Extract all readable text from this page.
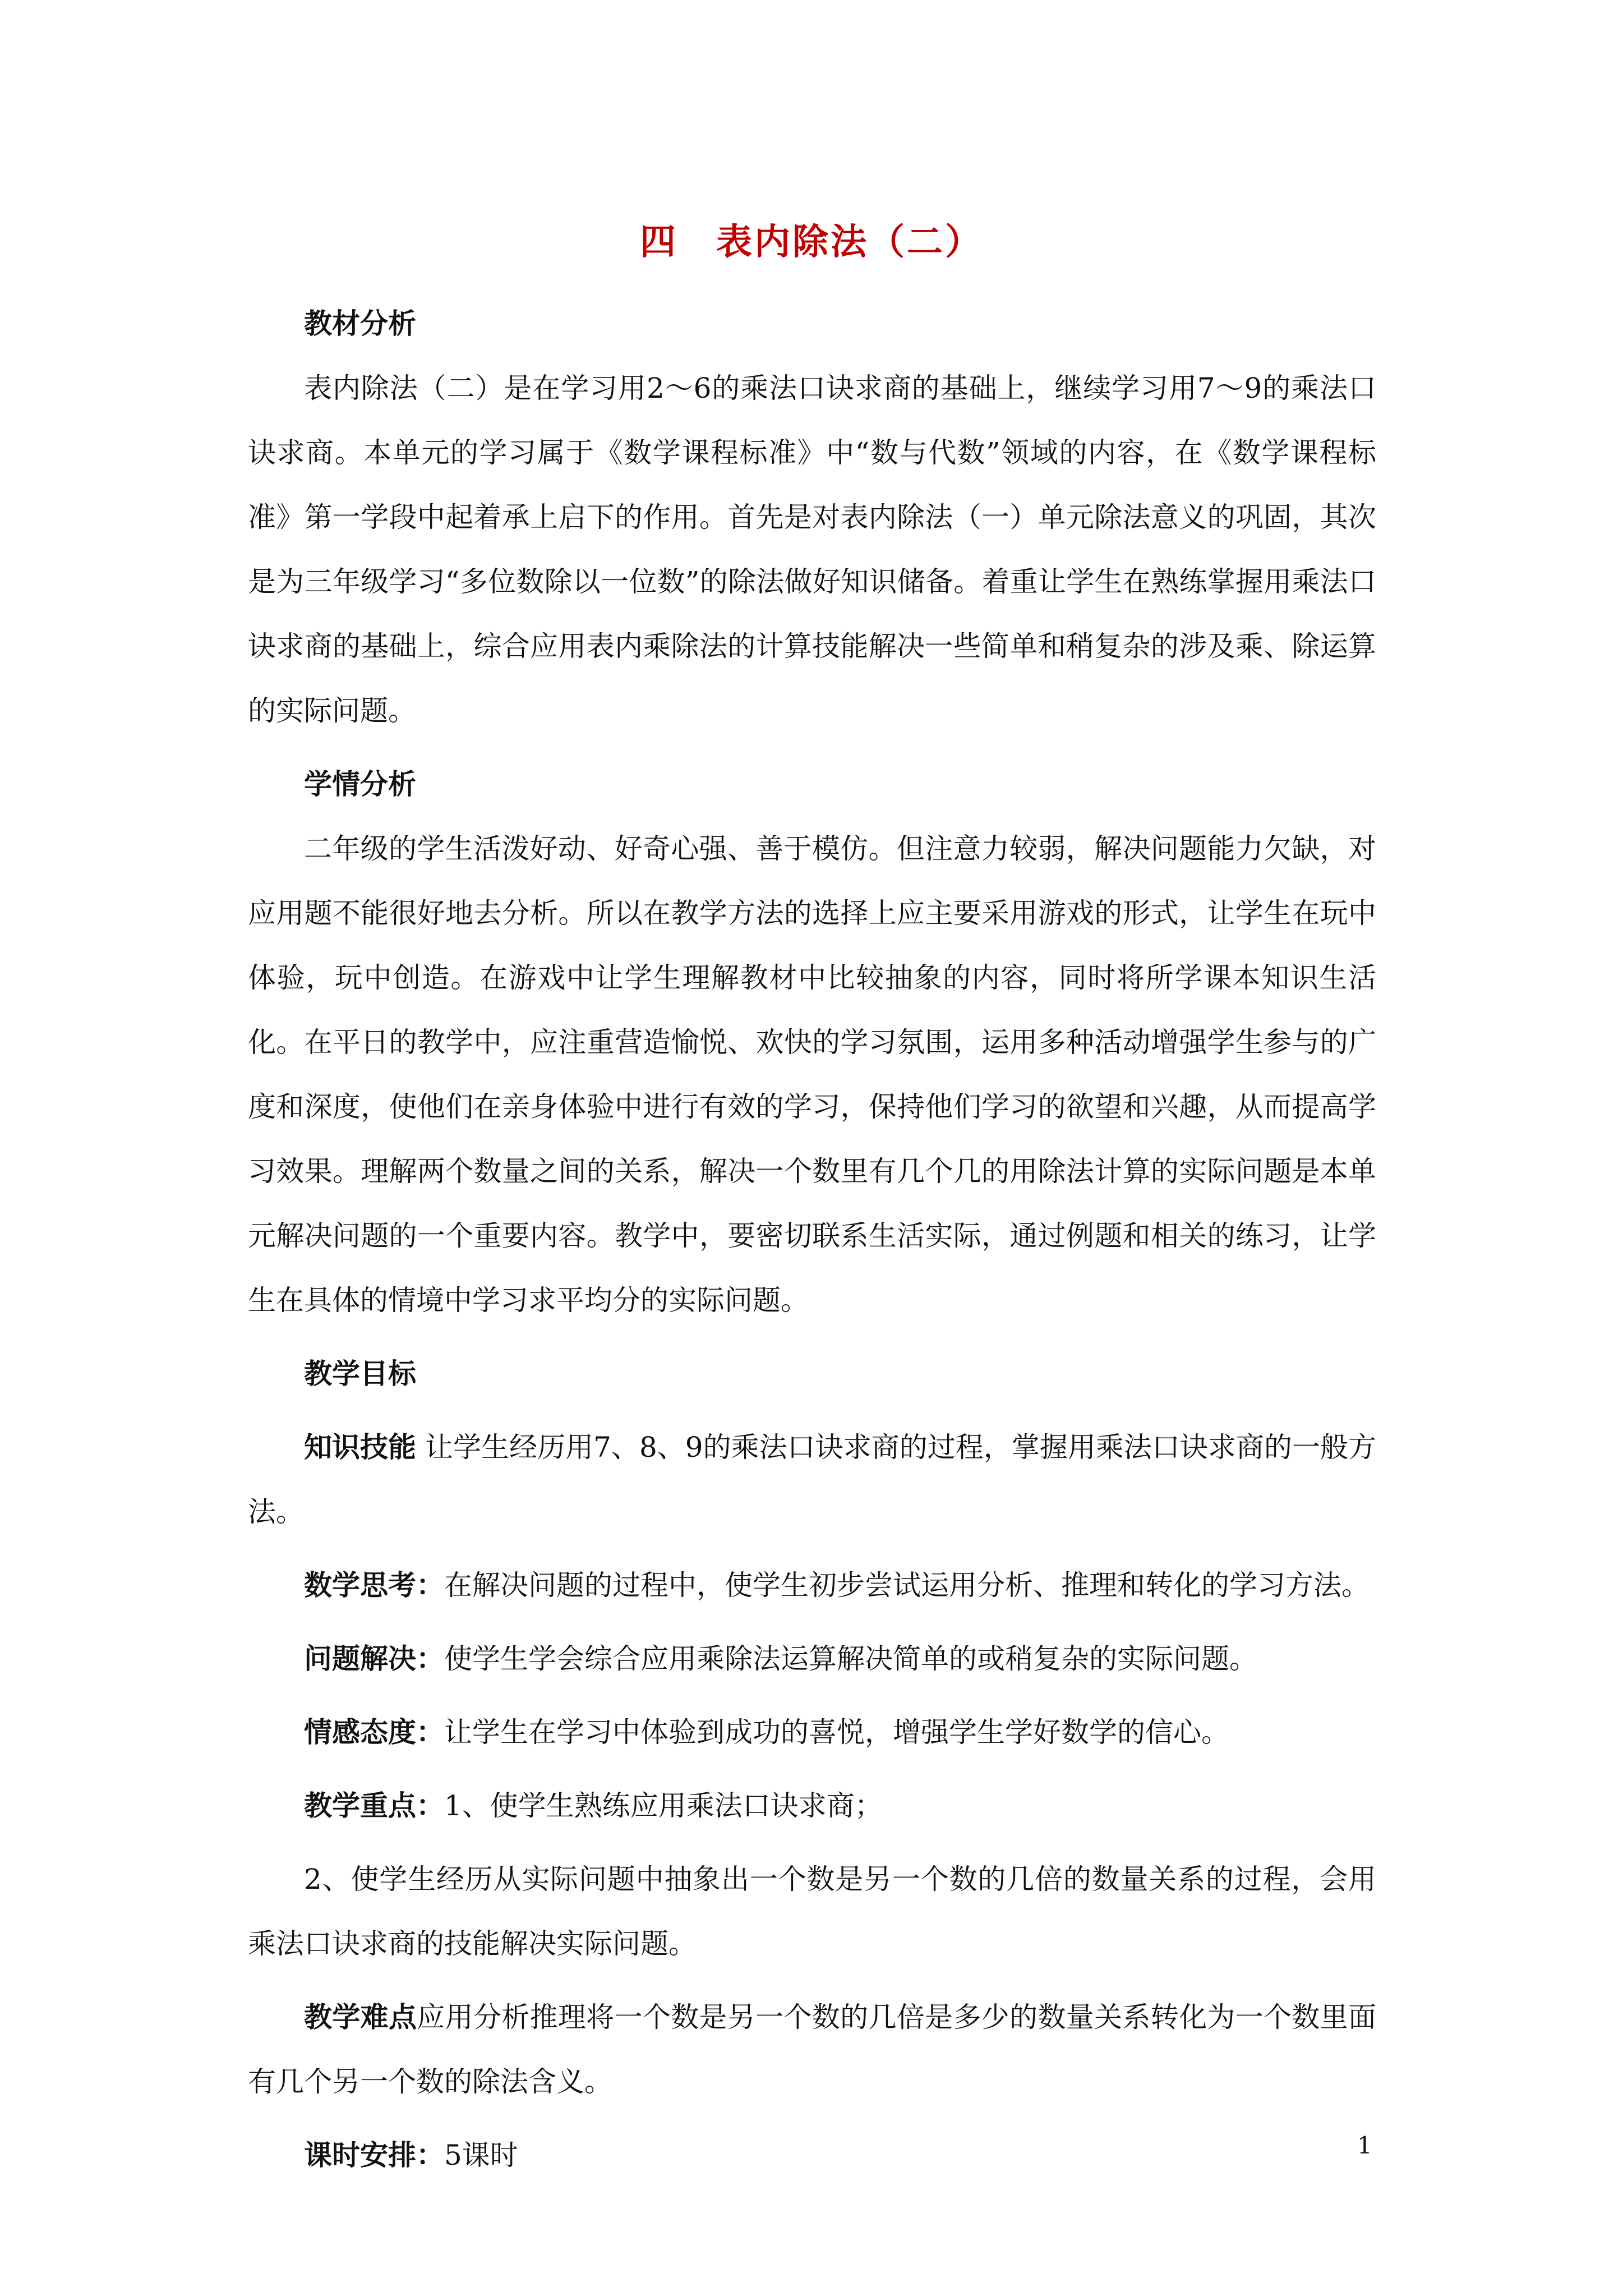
四　表内除法（二）

教材分析

表内除法（二）是在学习用2～6的乘法口诀求商的基础上，继续学习用7～9的乘法口诀求商。本单元的学习属于《数学课程标准》中“数与代数”领域的内容，在《数学课程标准》第一学段中起着承上启下的作用。首先是对表内除法（一）单元除法意义的巩固，其次是为三年级学习“多位数除以一位数”的除法做好知识储备。着重让学生在熟练掌握用乘法口诀求商的基础上，综合应用表内乘除法的计算技能解决一些简单和稍复杂的涉及乘、除运算的实际问题。

学情分析

二年级的学生活泼好动、好奇心强、善于模仿。但注意力较弱，解决问题能力欠缺，对应用题不能很好地去分析。所以在教学方法的选择上应主要采用游戏的形式，让学生在玩中体验，玩中创造。在游戏中让学生理解教材中比较抽象的内容，同时将所学课本知识生活化。在平日的教学中，应注重营造愉悦、欢快的学习氛围，运用多种活动增强学生参与的广度和深度，使他们在亲身体验中进行有效的学习，保持他们学习的欲望和兴趣，从而提高学习效果。理解两个数量之间的关系，解决一个数里有几个几的用除法计算的实际问题是本单元解决问题的一个重要内容。教学中，要密切联系生活实际，通过例题和相关的练习，让学生在具体的情境中学习求平均分的实际问题。

教学目标

知识技能 让学生经历用7、8、9的乘法口诀求商的过程，掌握用乘法口诀求商的一般方法。

数学思考：在解决问题的过程中，使学生初步尝试运用分析、推理和转化的学习方法。

问题解决：使学生学会综合应用乘除法运算解决简单的或稍复杂的实际问题。

情感态度：让学生在学习中体验到成功的喜悦，增强学生学好数学的信心。

教学重点：1、使学生熟练应用乘法口诀求商；

2、使学生经历从实际问题中抽象出一个数是另一个数的几倍的数量关系的过程，会用乘法口诀求商的技能解决实际问题。

教学难点应用分析推理将一个数是另一个数的几倍是多少的数量关系转化为一个数里面有几个另一个数的除法含义。

课时安排：5课时	1
